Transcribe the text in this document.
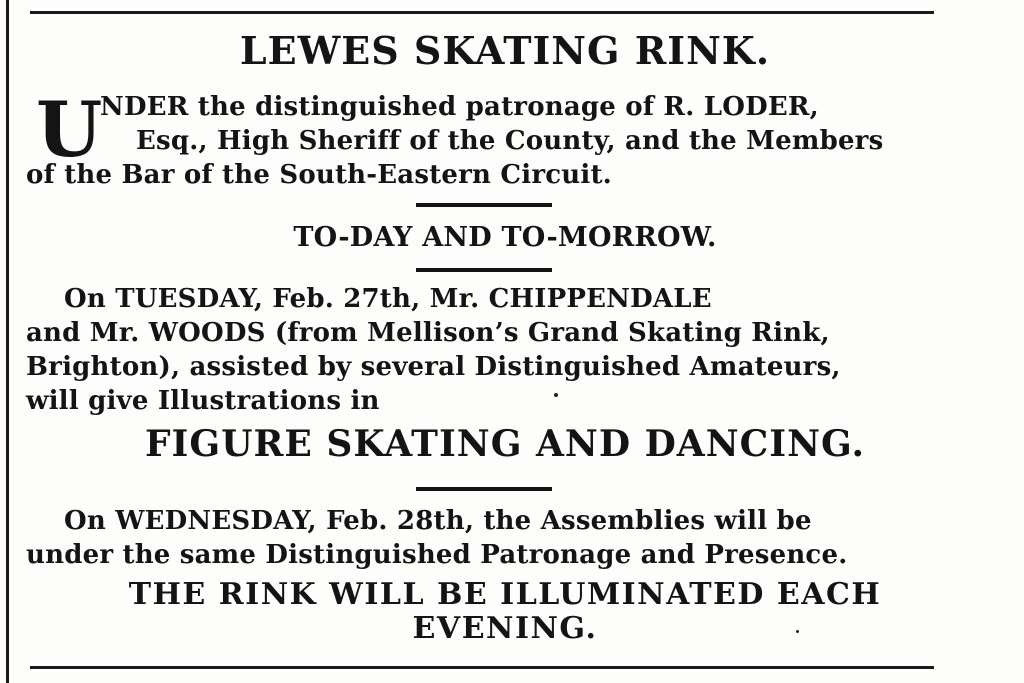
LEWES SKATING RINK.
U
NDER the distinguished patronage of R. LODER,
Esq., High Sheriff of the County, and the Members
of the Bar of the South-Eastern Circuit.
TO-DAY AND TO-MORROW.
On TUESDAY, Feb. 27th, Mr. CHIPPENDALE
and Mr. WOODS (from Mellison’s Grand Skating Rink,
Brighton), assisted by several Distinguished Amateurs,
will give Illustrations in
FIGURE SKATING AND DANCING.
On WEDNESDAY, Feb. 28th, the Assemblies will be
under the same Distinguished Patronage and Presence.
THE RINK WILL BE ILLUMINATED EACH
EVENING.
